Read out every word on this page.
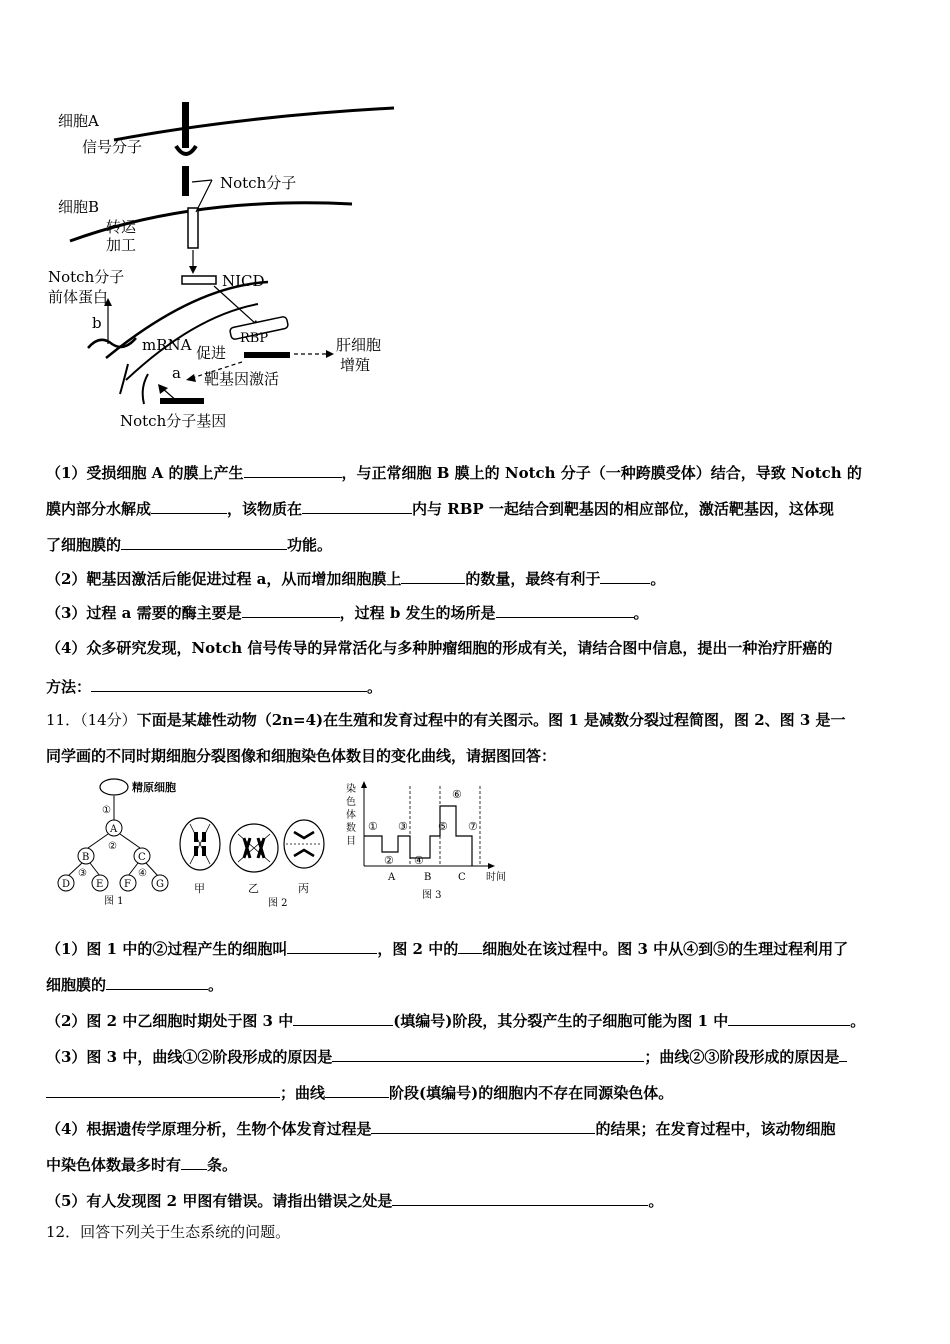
细胞A
信号分子
Notch分子
细胞B
转运
加工
Notch分子
前体蛋白
NICD
b
mRNA 促进
RBP	肝细胞
增殖
a 靶基因激活
Notch分子基因
（1）受损细胞 A 的膜上产生	，与正常细胞 B 膜上的 Notch 分子（一种跨膜受体）结合，导致 Notch 的
膜内部分水解成	，该物质在	内与 RBP 一起结合到靶基因的相应部位，激活靶基因，这体现
了细胞膜的	功能。
（2）靶基因激活后能促进过程 a，从而增加细胞膜上	的数量，最终有利于	。
（3）过程 a 需要的酶主要是	，过程 b 发生的场所是	。
（4）众多研究发现，Notch 信号传导的异常活化与多种肿瘤细胞的形成有关，请结合图中信息，提出一种治疗肝癌的
方法：	。
11．（14分）下面是某雄性动物（2n=4)在生殖和发育过程中的有关图示。图 1 是减数分裂过程简图，图 2、图 3 是一
同学画的不同时期细胞分裂图像和细胞染色体数目的变化曲线，请据图回答：
精原细胞
①
A
②
B	C
③	④
D	E F	G
图 1
甲	乙	丙
图 2
染
色
体
数
目
①
②
③
④
⑤
⑥
⑦
A	B	C 时间
图 3
（1）图 1 中的②过程产生的细胞叫	，图 2 中的 细胞处在该过程中。图 3 中从④到⑤的生理过程利用了
细胞膜的	。
（2）图 2 中乙细胞时期处于图 3 中	(填编号)阶段，其分裂产生的子细胞可能为图 1 中	。
（3）图 3 中，曲线①②阶段形成的原因是	；曲线②③阶段形成的原因是
；曲线	阶段(填编号)的细胞内不存在同源染色体。
（4）根据遗传学原理分析，生物个体发育过程是	的结果；在发育过程中，该动物细胞
中染色体数最多时有 条。
（5）有人发现图 2 甲图有错误。请指出错误之处是	。
12．回答下列关于生态系统的问题。
